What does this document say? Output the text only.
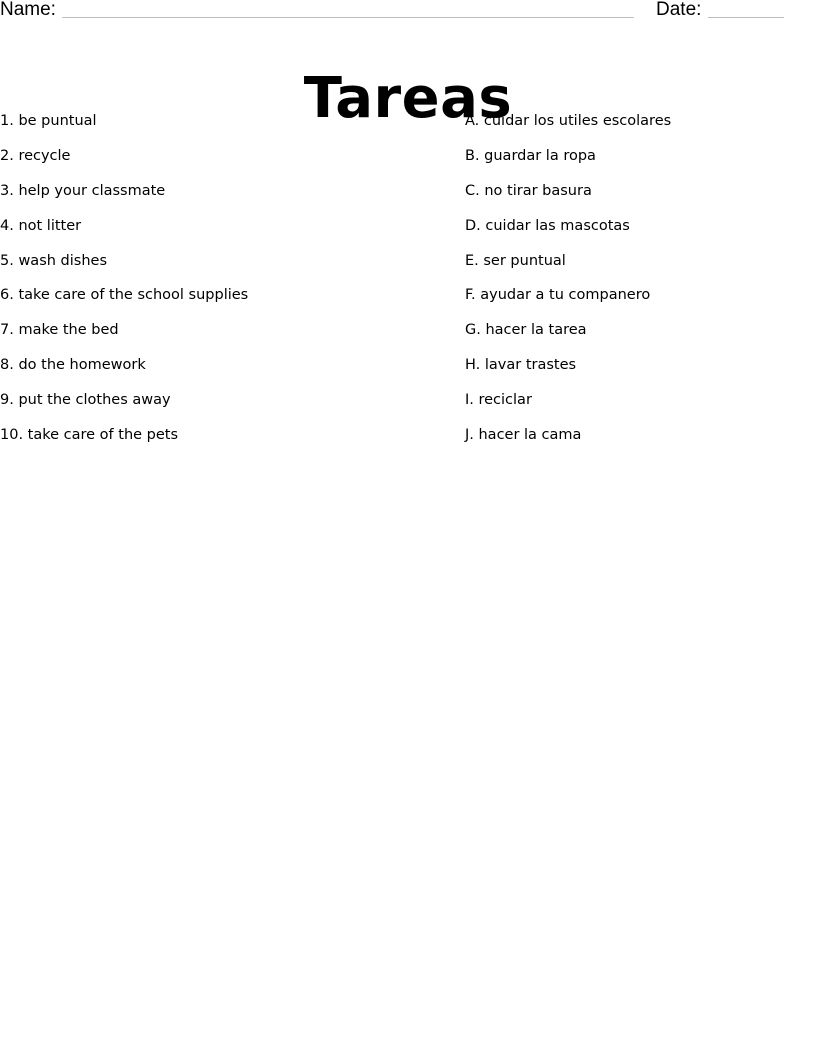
Name:	Date:
Tareas
1. be puntual
2. recycle
3. help your classmate
4. not litter
5. wash dishes
6. take care of the school supplies
7. make the bed
8. do the homework
9. put the clothes away
10. take care of the pets
A. cuidar los utiles escolares
B. guardar la ropa
C. no tirar basura
D. cuidar las mascotas
E. ser puntual
F. ayudar a tu companero
G. hacer la tarea
H. lavar trastes
I. reciclar
J. hacer la cama
